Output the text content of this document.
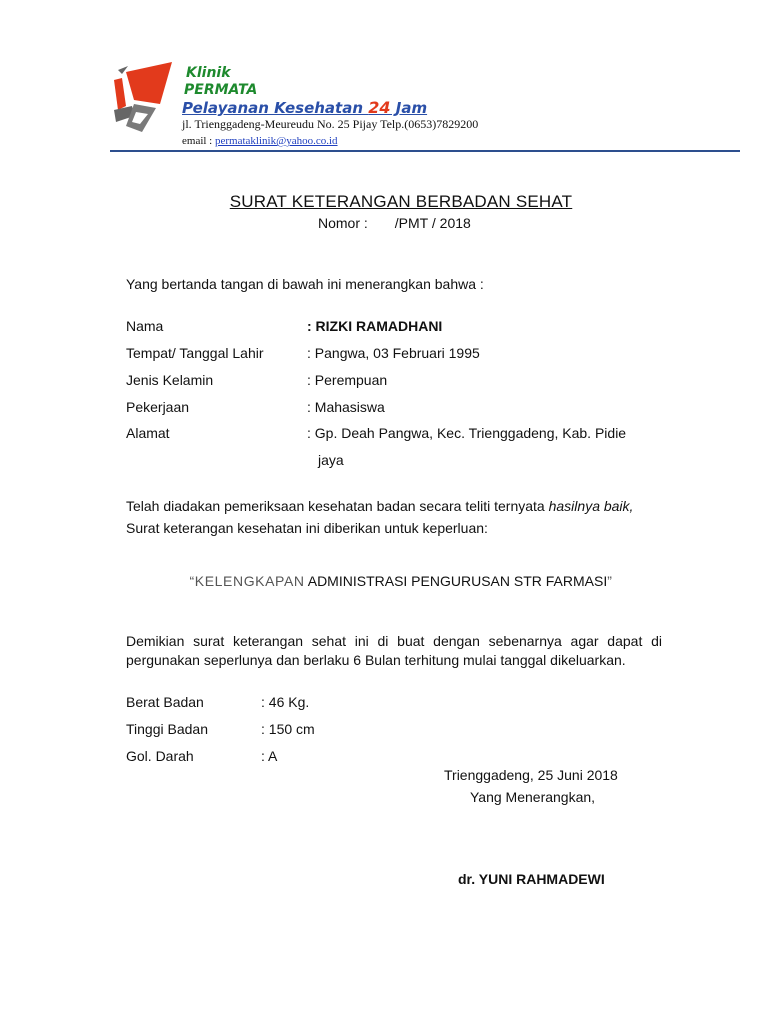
Klinik
PERMATA
Pelayanan Kesehatan 24 Jam
jl. Trienggadeng-Meureudu No. 25 Pijay Telp.(0653)7829200
email : permataklinik@yahoo.co.id
SURAT KETERANGAN BERBADAN SEHAT
Nomor : /PMT / 2018
Yang bertanda tangan di bawah ini menerangkan bahwa :
Nama	: RIZKI RAMADHANI
Tempat/ Tanggal Lahir	: Pangwa, 03 Februari 1995
Jenis Kelamin	: Perempuan
Pekerjaan	: Mahasiswa
Alamat	: Gp. Deah Pangwa, Kec. Trienggadeng, Kab. Pidie
jaya
Telah diadakan pemeriksaan kesehatan badan secara teliti ternyata hasilnya baik,
Surat keterangan kesehatan ini diberikan untuk keperluan:
“KELENGKAPAN ADMINISTRASI PENGURUSAN STR FARMASI”
Demikian surat keterangan sehat ini di buat dengan sebenarnya agar dapat di
pergunakan seperlunya dan berlaku 6 Bulan terhitung mulai tanggal dikeluarkan.
Berat Badan	: 46 Kg.
Tinggi Badan	: 150 cm
Gol. Darah	: A
Trienggadeng, 25 Juni 2018
Yang Menerangkan,
dr. YUNI RAHMADEWI
